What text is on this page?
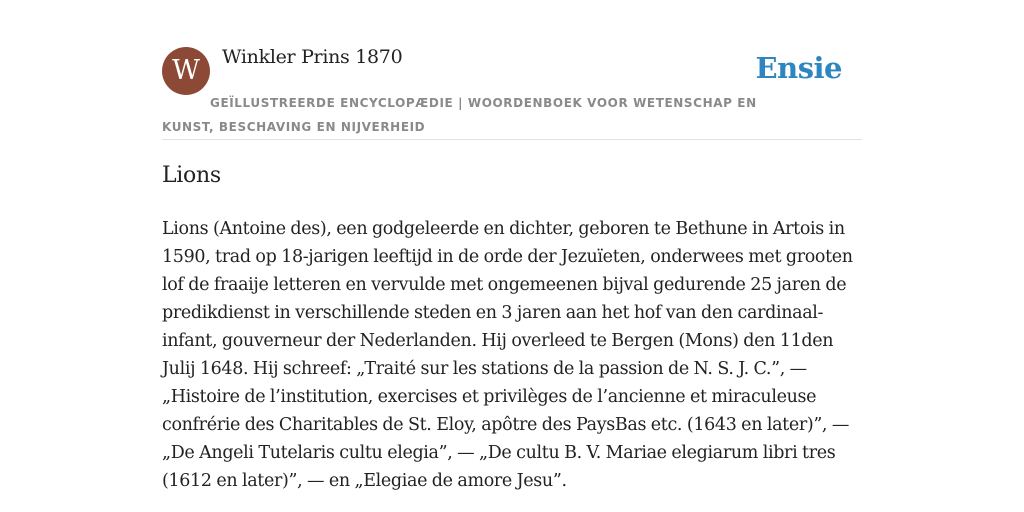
W	Winkler Prins 1870	Ensie
GEÏLLUSTREERDE ENCYCLOPÆDIE | WOORDENBOEK VOOR WETENSCHAP EN KUNST, BESCHAVING EN NIJVERHEID
Lions

Lions (Antoine des), een godgeleerde en dichter, geboren te Bethune in Artois in 1590, trad op 18-jarigen leeftijd in de orde der Jezuïeten, onderwees met grooten lof de fraaije letteren en vervulde met ongemeenen bijval gedurende 25 jaren de predikdienst in verschillende steden en 3 jaren aan het hof van den cardinaal-infant, gouverneur der Nederlanden. Hij overleed te Bergen (Mons) den 11den Julij 1648. Hij schreef: „Traité sur les stations de la passion de N. S. J. C.”, — „Histoire de l’institution, exercises et privilèges de l’ancienne et miraculeuse confrérie des Charitables de St. Eloy, apôtre des PaysBas etc. (1643 en later)”, — „De Angeli Tutelaris cultu elegia”, — „De cultu B. V. Mariae elegiarum libri tres (1612 en later)”, — en „Elegiae de amore Jesu”.
